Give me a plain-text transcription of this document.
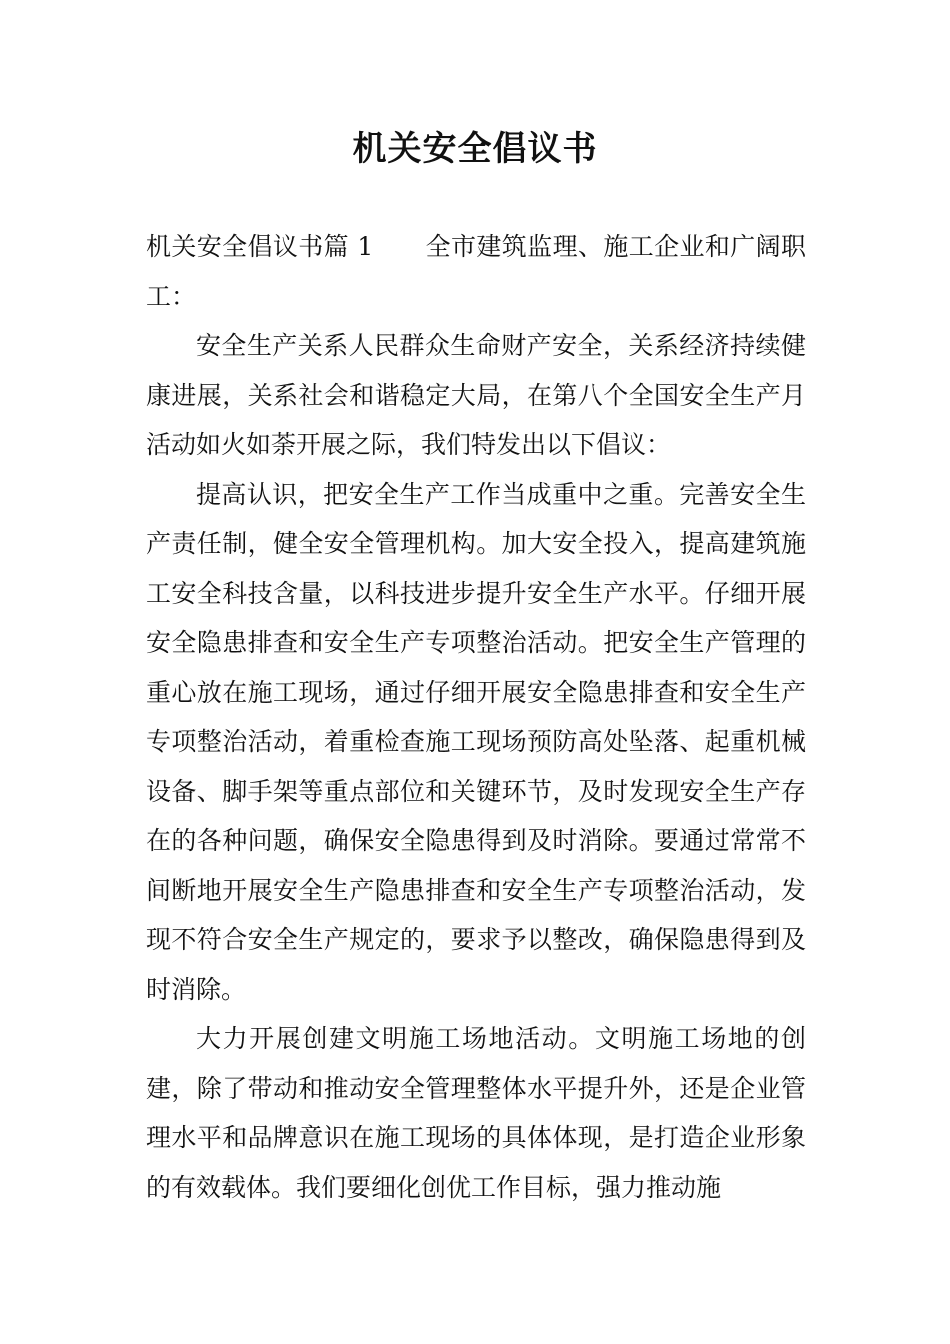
机关安全倡议书

机关安全倡议书篇 1 全市建筑监理、施工企业和广阔职工：

安全生产关系人民群众生命财产安全，关系经济持续健康进展，关系社会和谐稳定大局，在第八个全国安全生产月活动如火如荼开展之际，我们特发出以下倡议：

提高认识，把安全生产工作当成重中之重。完善安全生产责任制，健全安全管理机构。加大安全投入，提高建筑施工安全科技含量，以科技进步提升安全生产水平。仔细开展安全隐患排查和安全生产专项整治活动。把安全生产管理的重心放在施工现场，通过仔细开展安全隐患排查和安全生产专项整治活动，着重检查施工现场预防高处坠落、起重机械设备、脚手架等重点部位和关键环节，及时发现安全生产存在的各种问题，确保安全隐患得到及时消除。要通过常常不间断地开展安全生产隐患排查和安全生产专项整治活动，发现不符合安全生产规定的，要求予以整改，确保隐患得到及时消除。

大力开展创建文明施工场地活动。文明施工场地的创建，除了带动和推动安全管理整体水平提升外，还是企业管理水平和品牌意识在施工现场的具体体现，是打造企业形象的有效载体。我们要细化创优工作目标，强力推动施
